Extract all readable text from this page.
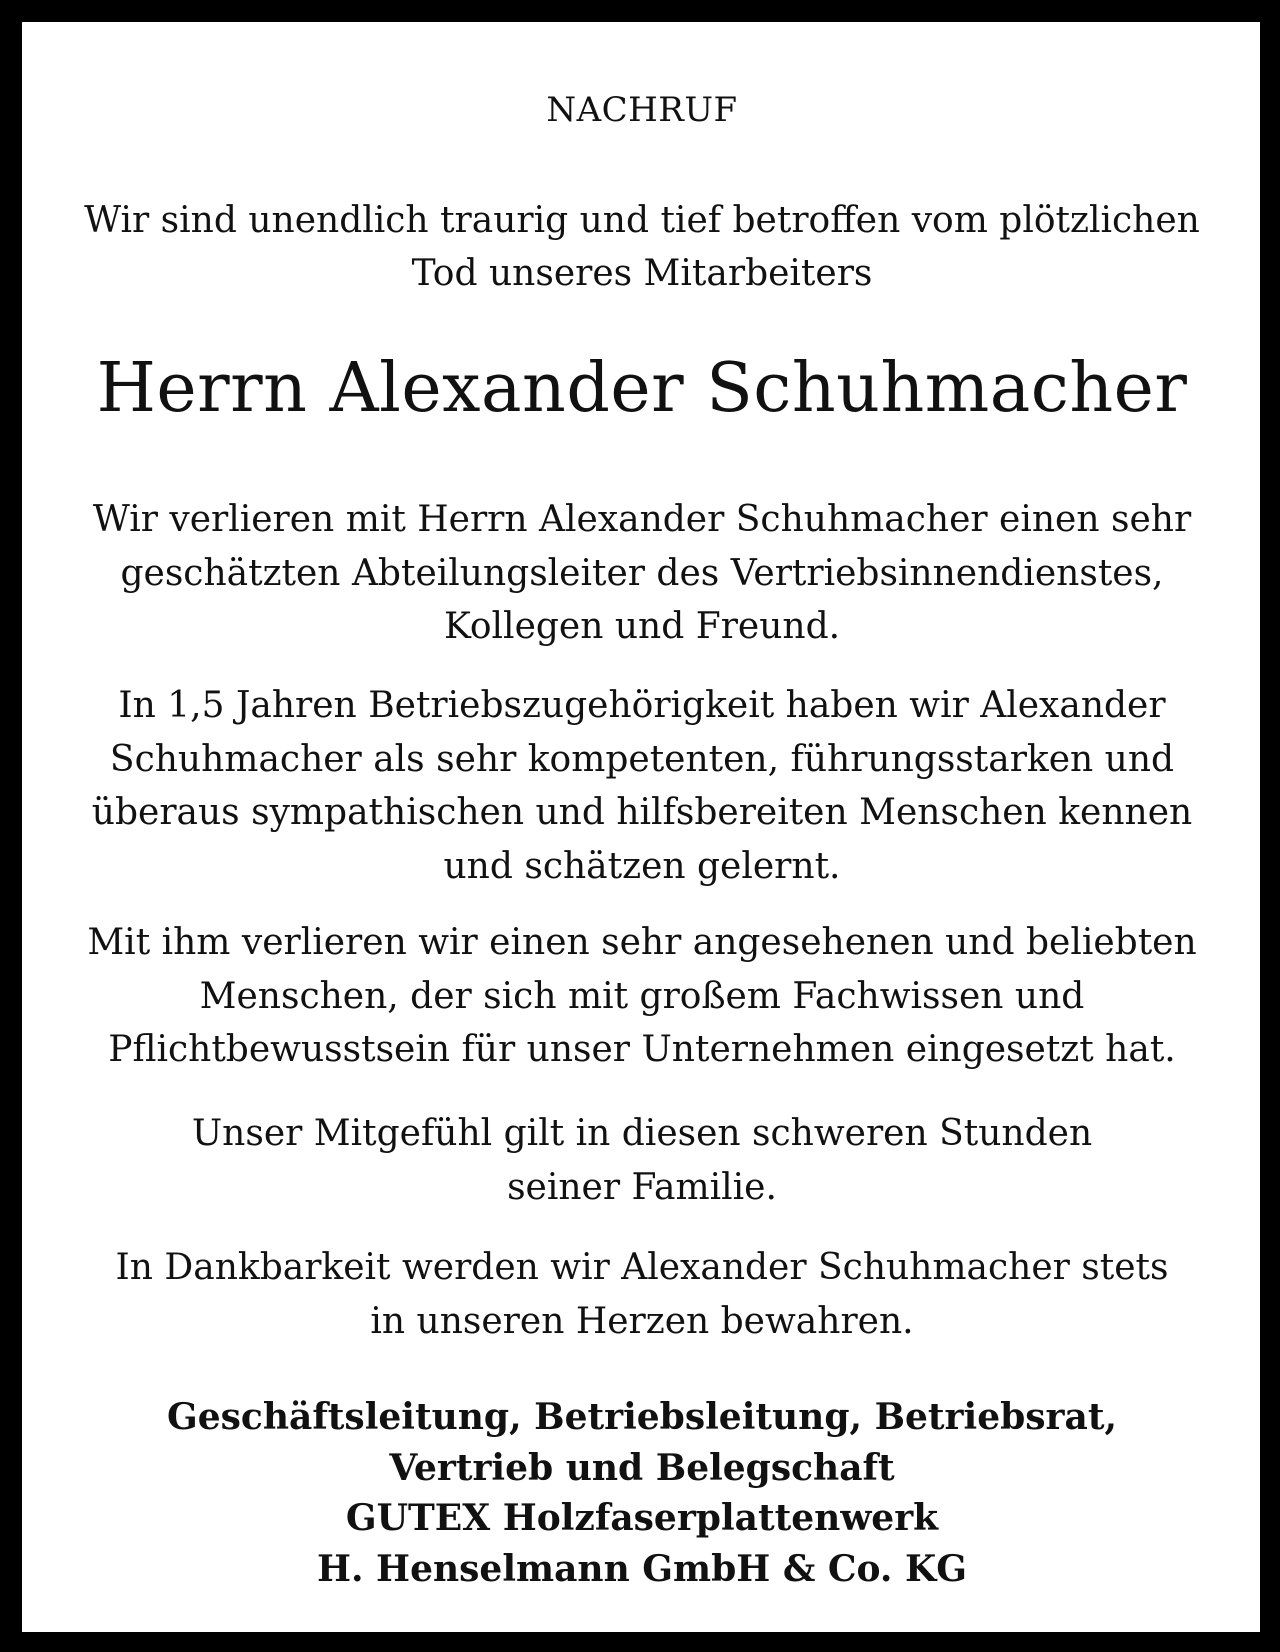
NACHRUF
Wir sind unendlich traurig und tief betroffen vom plötzlichen
Tod unseres Mitarbeiters
Herrn Alexander Schuhmacher
Wir verlieren mit Herrn Alexander Schuhmacher einen sehr
geschätzten Abteilungsleiter des Vertriebsinnendienstes,
Kollegen und Freund.
In 1,5 Jahren Betriebszugehörigkeit haben wir Alexander
Schuhmacher als sehr kompetenten, führungsstarken und
überaus sympathischen und hilfsbereiten Menschen kennen
und schätzen gelernt.
Mit ihm verlieren wir einen sehr angesehenen und beliebten
Menschen, der sich mit großem Fachwissen und
Pflichtbewusstsein für unser Unternehmen eingesetzt hat.
Unser Mitgefühl gilt in diesen schweren Stunden
seiner Familie.
In Dankbarkeit werden wir Alexander Schuhmacher stets
in unseren Herzen bewahren.
Geschäftsleitung, Betriebsleitung, Betriebsrat,
Vertrieb und Belegschaft
GUTEX Holzfaserplattenwerk
H. Henselmann GmbH & Co. KG
